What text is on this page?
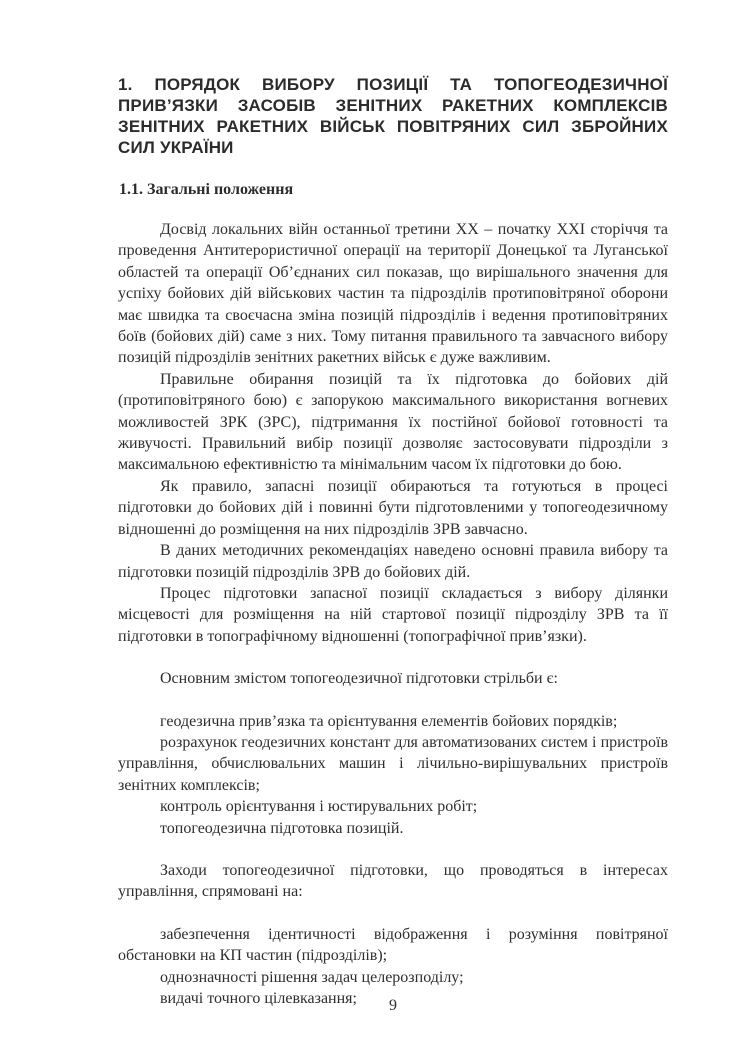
1. ПОРЯДОК ВИБОРУ ПОЗИЦІЇ ТА ТОПОГЕОДЕЗИЧНОЇ ПРИВ’ЯЗКИ ЗАСОБІВ ЗЕНІТНИХ РАКЕТНИХ КОМПЛЕКСІВ ЗЕНІТНИХ РАКЕТНИХ ВІЙСЬК ПОВІТРЯНИХ СИЛ ЗБРОЙНИХ СИЛ УКРАЇНИ
1.1. Загальні положення

Досвід локальних війн останньої третини XX – початку XXI сторіччя та проведення Антитерористичної операції на території Донецької та Луганської областей та операції Об’єднаних сил показав, що вирішального значення для успіху бойових дій військових частин та підрозділів протиповітряної оборони має швидка та своєчасна зміна позицій підрозділів і ведення протиповітряних боїв (бойових дій) саме з них. Тому питання правильного та завчасного вибору позицій підрозділів зенітних ракетних військ є дуже важливим.

Правильне обирання позицій та їх підготовка до бойових дій (протиповітряного бою) є запорукою максимального використання вогневих можливостей ЗРК (ЗРС), підтримання їх постійної бойової готовності та живучості. Правильний вибір позиції дозволяє застосовувати підрозділи з максимальною ефективністю та мінімальним часом їх підготовки до бою.

Як правило, запасні позиції обираються та готуються в процесі підготовки до бойових дій і повинні бути підготовленими у топогеодезичному відношенні до розміщення на них підрозділів ЗРВ завчасно.

В даних методичних рекомендаціях наведено основні правила вибору та підготовки позицій підрозділів ЗРВ до бойових дій.

Процес підготовки запасної позиції складається з вибору ділянки місцевості для розміщення на ній стартової позиції підрозділу ЗРВ та її підготовки в топографічному відношенні (топографічної прив’язки).

Основним змістом топогеодезичної підготовки стрільби є:

геодезична прив’язка та орієнтування елементів бойових порядків;

розрахунок геодезичних констант для автоматизованих систем і пристроїв управління, обчислювальних машин і лічильно-вирішувальних пристроїв зенітних комплексів;

контроль орієнтування і юстирувальних робіт;

топогеодезична підготовка позицій.

Заходи топогеодезичної підготовки, що проводяться в інтересах управління, спрямовані на:

забезпечення ідентичності відображення і розуміння повітряної обстановки на КП частин (підрозділів);

однозначності рішення задач целерозподілу;

видачі точного цілевказання;	9
